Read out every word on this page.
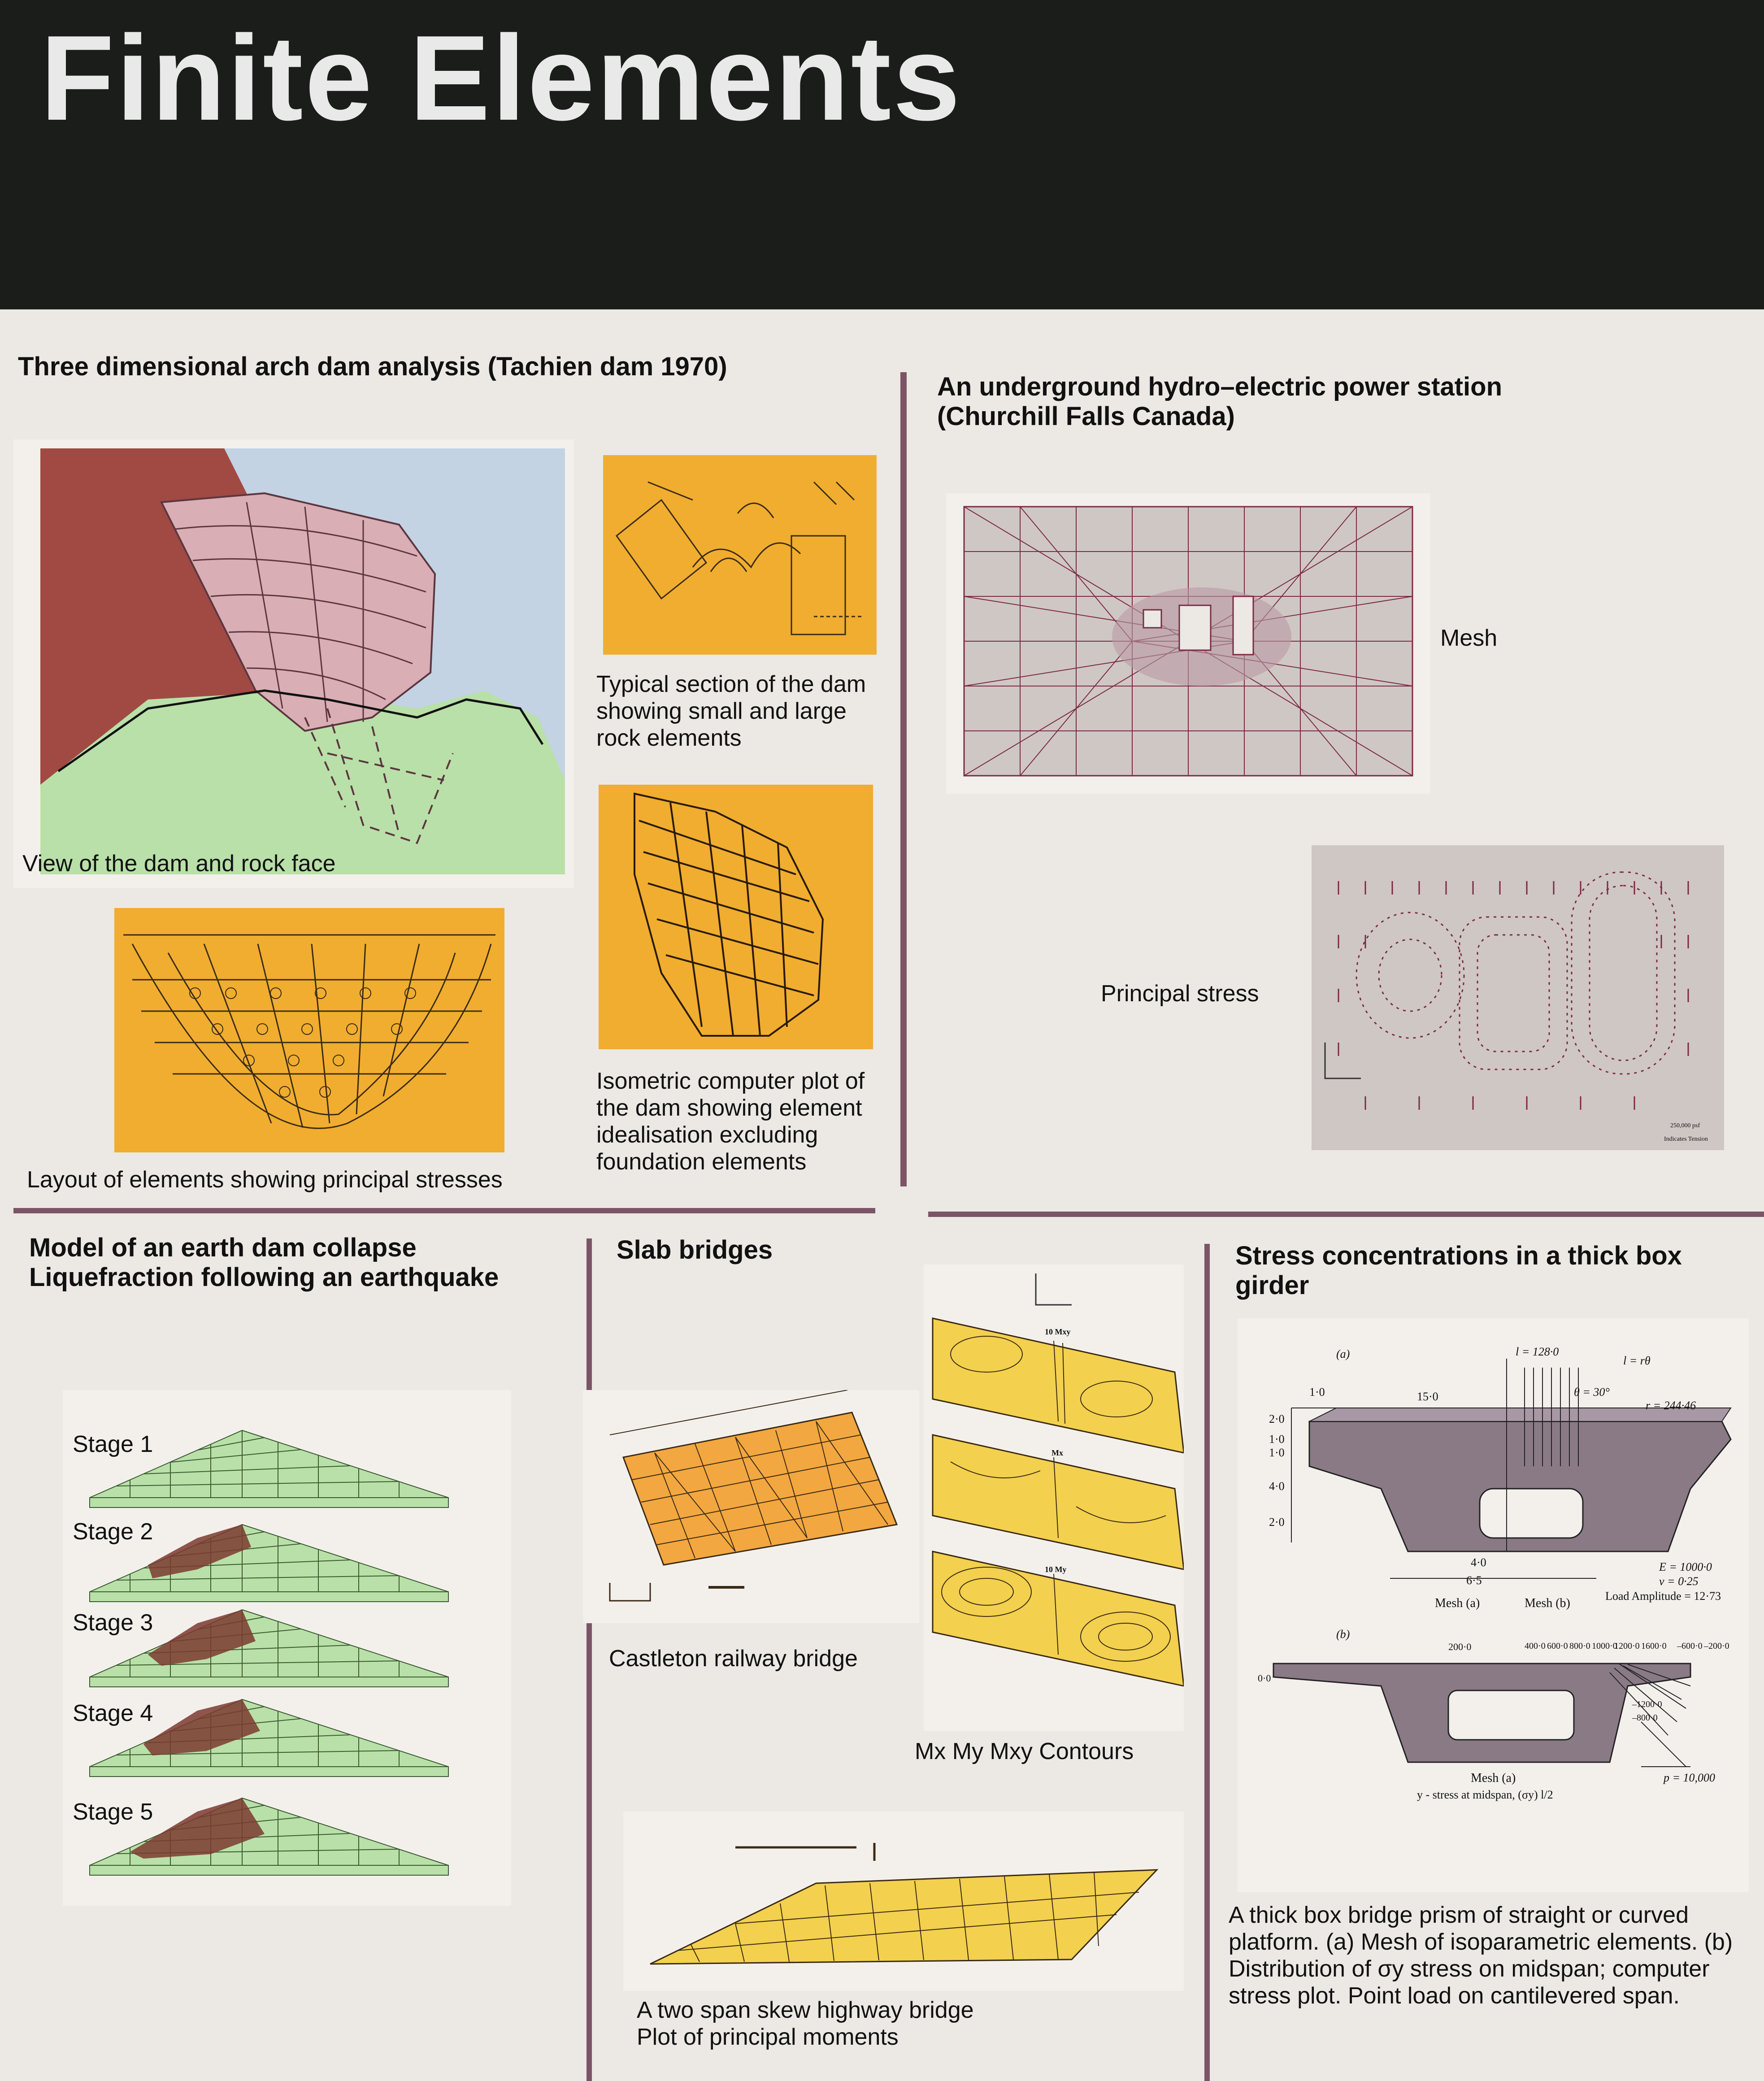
Finite Elements
Three dimensional arch dam analysis (Tachien dam 1970)
View of the dam and rock face
Typical section of the dam
showing small and large
rock elements
Isometric computer plot of
the dam showing element
idealisation excluding
foundation elements
Layout of elements showing principal stresses
An underground hydro–electric power station
(Churchill Falls Canada)
Mesh
250,000 psf
Indicates Tension
Principal stress
Model of an earth dam collapse
Liquefraction following an earthquake
Stage 1
Stage 2
Stage 3
Stage 4
Stage 5
Slab bridges
Castleton railway bridge
10 Mxy
Mx
10 My
Mx My Mxy Contours
A two span skew highway bridge
Plot of principal moments
Stress concentrations in a thick box
girder
(a)
1·0	15·0
l = 128·0
l = rθ
θ = 30°
r = 244·46
2·0
1·0
1·0
4·0
2·0
4·0
6·5
Mesh (a)	Mesh (b)
E = 1000·0
ν = 0·25
Load Amplitude = 12·73
(b)
0·0
200·0	400·0 600·0 800·0 1000·0
1200·0 1600·0
–1200·0
–800·0
–600·0 –200·0
Mesh (a)
y - stress at midspan, (σy) l/2
p = 10,000
A thick box bridge prism of straight or curved
platform. (a) Mesh of isoparametric elements. (b)
Distribution of σy stress on midspan; computer
stress plot. Point load on cantilevered span.
